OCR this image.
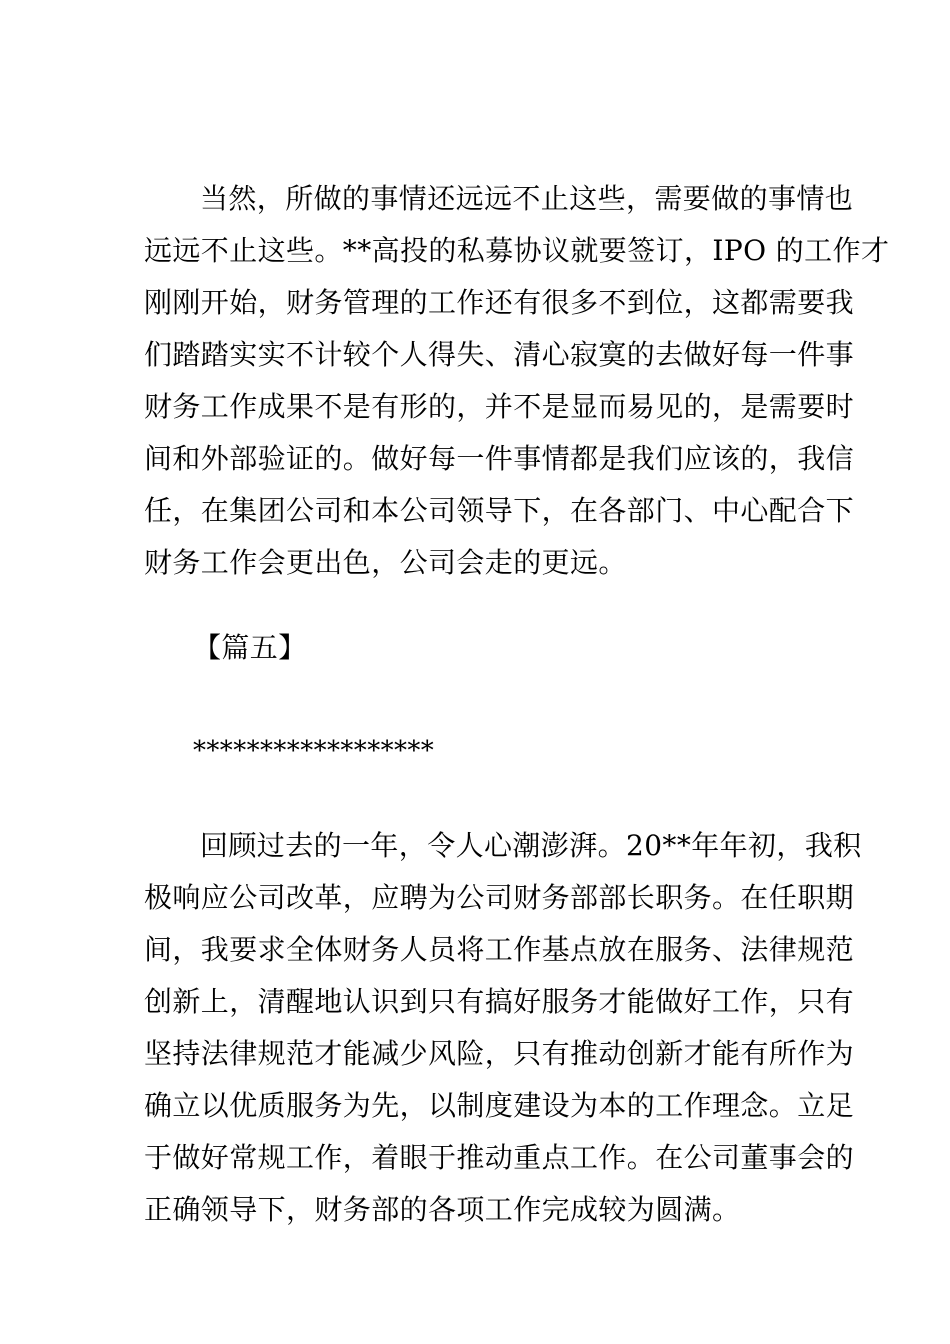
当然，所做的事情还远远不止这些，需要做的事情也
远远不止这些。**高投的私募协议就要签订，IPO 的工作才
刚刚开始，财务管理的工作还有很多不到位，这都需要我
们踏踏实实不计较个人得失、清心寂寞的去做好每一件事
财务工作成果不是有形的，并不是显而易见的，是需要时
间和外部验证的。做好每一件事情都是我们应该的，我信
任，在集团公司和本公司领导下，在各部门、中心配合下
财务工作会更出色，公司会走的更远。
【篇五】
******************
回顾过去的一年，令人心潮澎湃。20**年年初，我积
极响应公司改革，应聘为公司财务部部长职务。在任职期
间，我要求全体财务人员将工作基点放在服务、法律规范
创新上，清醒地认识到只有搞好服务才能做好工作，只有
坚持法律规范才能减少风险，只有推动创新才能有所作为
确立以优质服务为先，以制度建设为本的工作理念。立足
于做好常规工作，着眼于推动重点工作。在公司董事会的
正确领导下，财务部的各项工作完成较为圆满。
